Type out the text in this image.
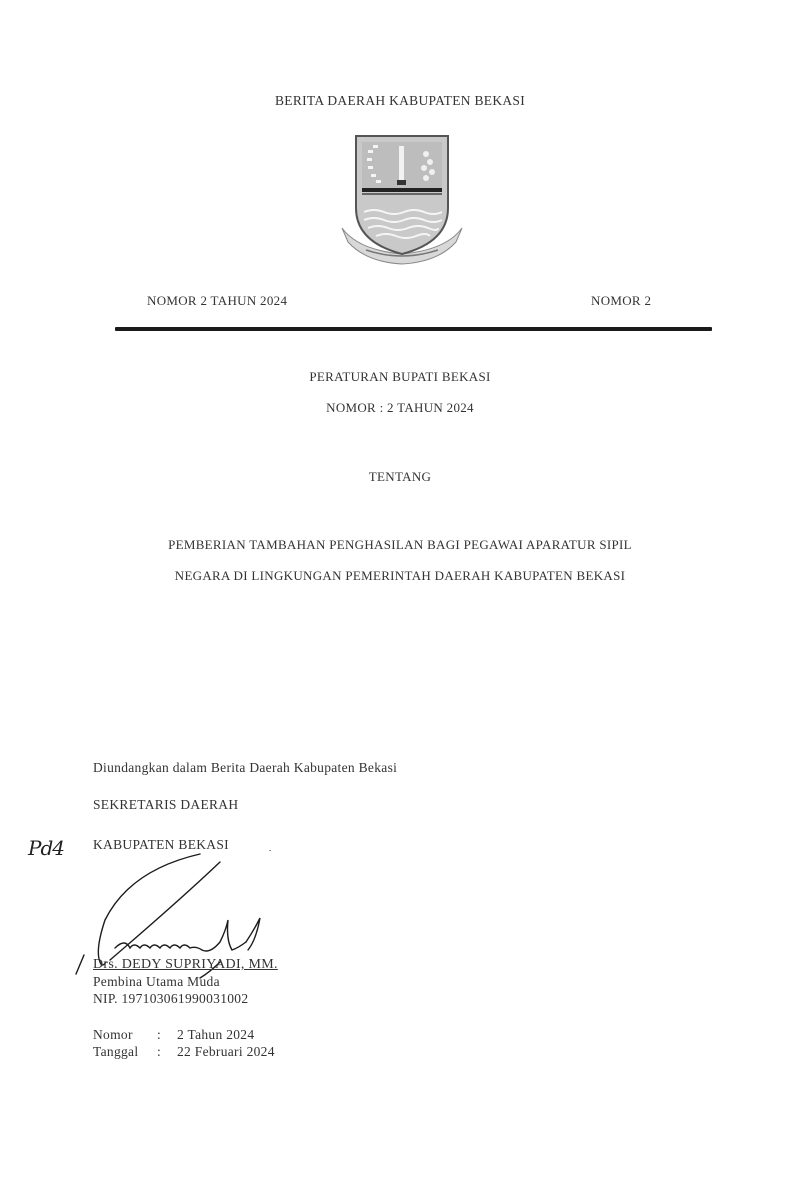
BERITA DAERAH KABUPATEN BEKASI
NOMOR 2 TAHUN 2024	NOMOR 2
PERATURAN BUPATI BEKASI
NOMOR : 2 TAHUN 2024
TENTANG
PEMBERIAN TAMBAHAN PENGHASILAN BAGI PEGAWAI APARATUR SIPIL
NEGARA DI LINGKUNGAN PEMERINTAH DAERAH KABUPATEN BEKASI
Diundangkan dalam Berita Daerah Kabupaten Bekasi
SEKRETARIS DAERAH
KABUPATEN BEKASI
Pd4
Drs. DEDY SUPRIYADI, MM.
Pembina Utama Muda
NIP. 197103061990031002
Nomor : 2 Tahun 2024
Tanggal : 22 Februari 2024
